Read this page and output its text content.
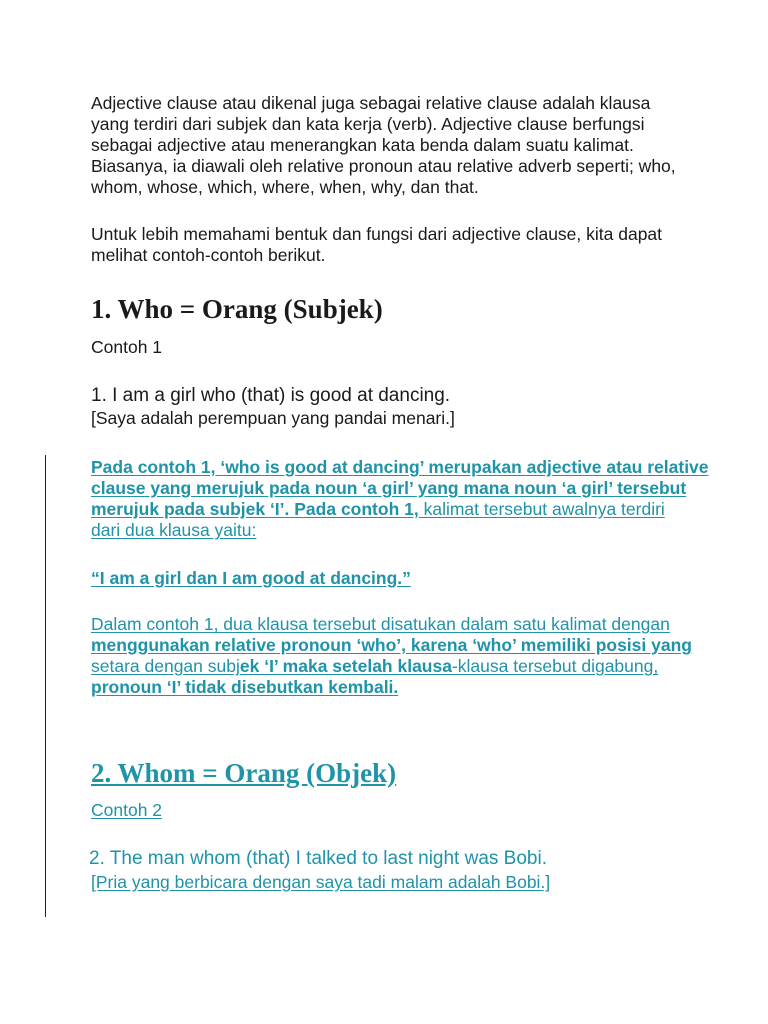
Adjective clause atau dikenal juga sebagai relative clause adalah klausa
yang terdiri dari subjek dan kata kerja (verb). Adjective clause berfungsi
sebagai adjective atau menerangkan kata benda dalam suatu kalimat.
Biasanya, ia diawali oleh relative pronoun atau relative adverb seperti; who,
whom, whose, which, where, when, why, dan that.

Untuk lebih memahami bentuk dan fungsi dari adjective clause, kita dapat
melihat contoh-contoh berikut.

1. Who = Orang (Subjek)

Contoh 1

1. I am a girl who (that) is good at dancing.

[Saya adalah perempuan yang pandai menari.]

Pada contoh 1, ‘who is good at dancing’ merupakan adjective atau relative
clause yang merujuk pada noun ‘a girl’ yang mana noun ‘a girl’ tersebut
merujuk pada subjek ‘I’. Pada contoh 1, kalimat tersebut awalnya terdiri
dari dua klausa yaitu:

“I am a girl dan I am good at dancing.”

Dalam contoh 1, dua klausa tersebut disatukan dalam satu kalimat dengan
menggunakan relative pronoun ‘who’, karena ‘who’ memiliki posisi yang
setara dengan subjek ‘I’ maka setelah klausa-klausa tersebut digabung,
pronoun ‘I’ tidak disebutkan kembali.

2. Whom = Orang (Objek)

Contoh 2

2. The man whom (that) I talked to last night was Bobi.

[Pria yang berbicara dengan saya tadi malam adalah Bobi.]
